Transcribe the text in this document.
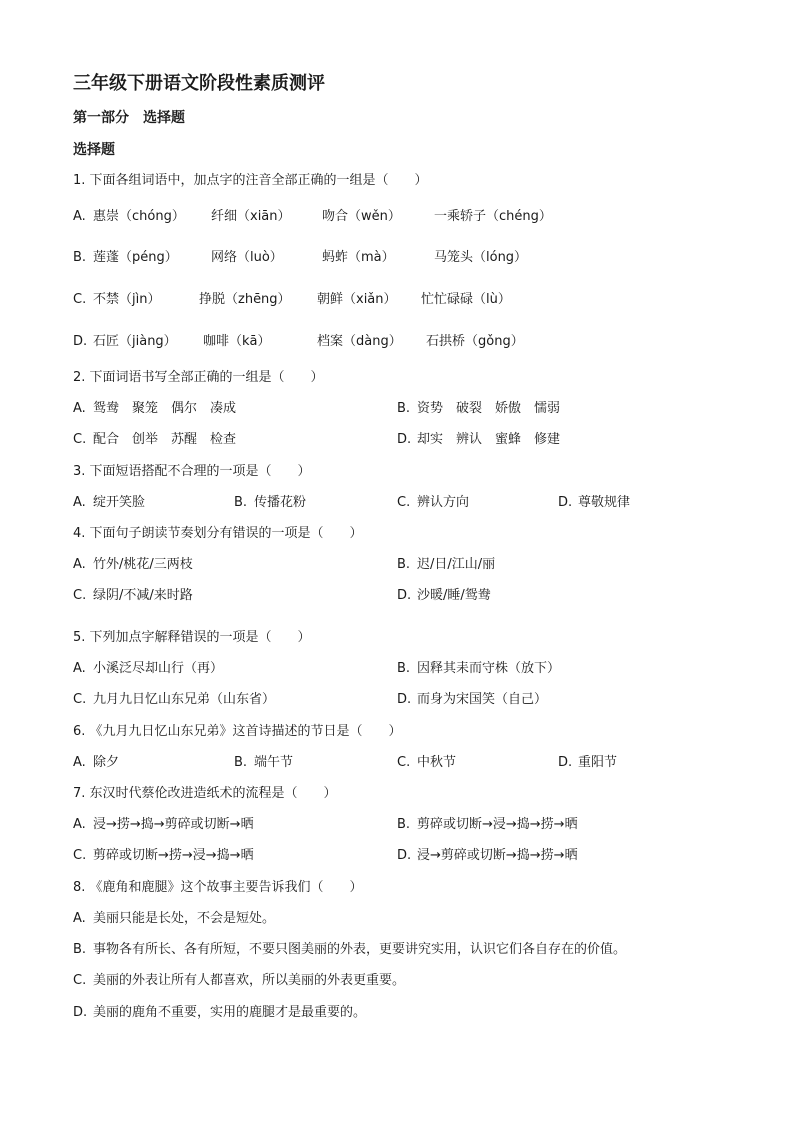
三年级下册语文阶段性素质测评
第一部分　选择题
选择题
1. 下面各组词语中，加点字的注音全部正确的一组是（　　）
A. 惠崇（chóng） 纤细（xiān） 吻合（wěn）	一乘轿子（chéng）
B. 莲蓬（péng）	网络（luò）	蚂蚱（mà）	马笼头（lóng）
C. 不禁（jìn）	挣脱（zhēng） 朝鲜（xiǎn） 忙忙碌碌（lù）
D. 石匠（jiàng） 咖啡（kā）	档案（dàng） 石拱桥（gǒng）
2. 下面词语书写全部正确的一组是（　　）
A. 鸳鸯　聚笼　偶尔　凑成	B. 资势　破裂　娇傲　懦弱
C. 配合　创举　苏醒　检查	D. 却实　辨认　蜜蜂　修建
3. 下面短语搭配不合理的一项是（　　）
A. 绽开笑脸	B. 传播花粉	C. 辨认方向	D. 尊敬规律
4. 下面句子朗读节奏划分有错误的一项是（　　）
A. 竹外/桃花/三两枝	B. 迟/日/江山/丽
C. 绿阴/不减/来时路	D. 沙暖/睡/鸳鸯
5. 下列加点字解释错误的一项是（　　）
A. 小溪泛尽却山行（再）	B. 因释其耒而守株（放下）
C. 九月九日忆山东兄弟（山东省）	D. 而身为宋国笑（自己）
6. 《九月九日忆山东兄弟》这首诗描述的节日是（　　）
A. 除夕	B. 端午节	C. 中秋节	D. 重阳节
7. 东汉时代蔡伦改进造纸术的流程是（　　）
A. 浸→捞→捣→剪碎或切断→晒	B. 剪碎或切断→浸→捣→捞→晒
C. 剪碎或切断→捞→浸→捣→晒	D. 浸→剪碎或切断→捣→捞→晒
8. 《鹿角和鹿腿》这个故事主要告诉我们（　　）
A. 美丽只能是长处，不会是短处。
B. 事物各有所长、各有所短，不要只图美丽的外表，更要讲究实用，认识它们各自存在的价值。
C. 美丽的外表让所有人都喜欢，所以美丽的外表更重要。
D. 美丽的鹿角不重要，实用的鹿腿才是最重要的。
